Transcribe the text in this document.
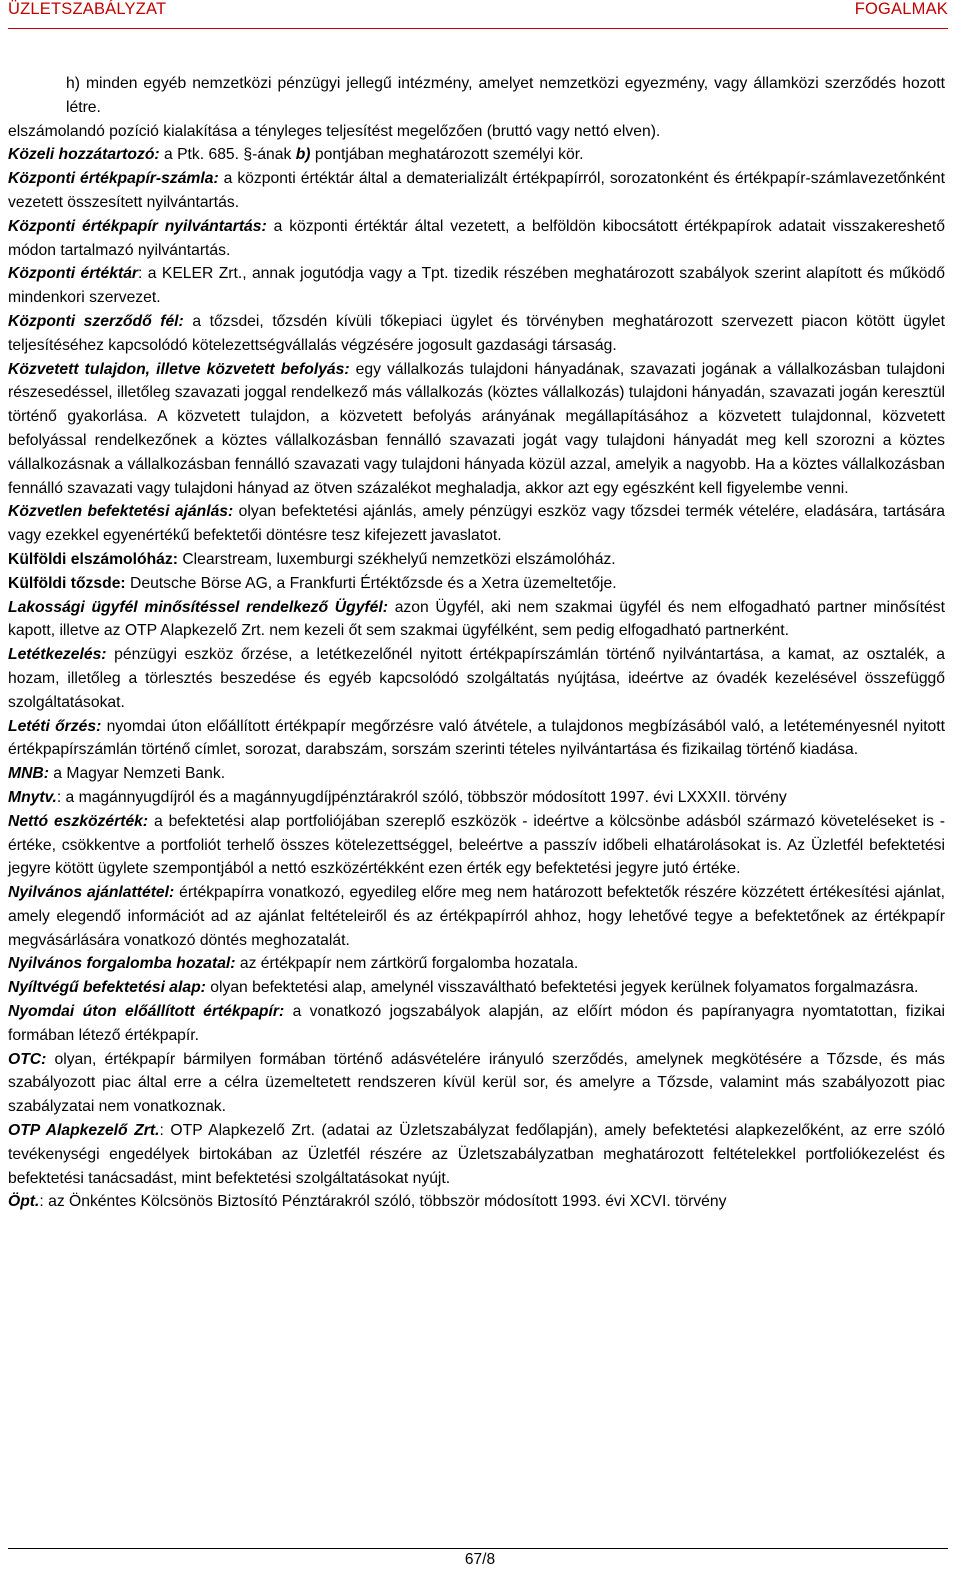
ÜZLETSZABÁLYZAT	FOGALMAK

h) minden egyéb nemzetközi pénzügyi jellegű intézmény, amelyet nemzetközi egyezmény, vagy államközi szerződés hozott létre.

elszámolandó pozíció kialakítása a tényleges teljesítést megelőzően (bruttó vagy nettó elven).

Közeli hozzátartozó: a Ptk. 685. §-ának b) pontjában meghatározott személyi kör.

Központi értékpapír-számla: a központi értéktár által a dematerializált értékpapírról, sorozatonként és értékpapír-számlavezetőnként vezetett összesített nyilvántartás.

Központi értékpapír nyilvántartás: a központi értéktár által vezetett, a belföldön kibocsátott értékpapírok adatait visszakereshető módon tartalmazó nyilvántartás.

Központi értéktár: a KELER Zrt., annak jogutódja vagy a Tpt. tizedik részében meghatározott szabályok szerint alapított és működő mindenkori szervezet.

Központi szerződő fél: a tőzsdei, tőzsdén kívüli tőkepiaci ügylet és törvényben meghatározott szervezett piacon kötött ügylet teljesítéséhez kapcsolódó kötelezettségvállalás végzésére jogosult gazdasági társaság.

Közvetett tulajdon, illetve közvetett befolyás: egy vállalkozás tulajdoni hányadának, szavazati jogának a vállalkozásban tulajdoni részesedéssel, illetőleg szavazati joggal rendelkező más vállalkozás (köztes vállalkozás) tulajdoni hányadán, szavazati jogán keresztül történő gyakorlása. A közvetett tulajdon, a közvetett befolyás arányának megállapításához a közvetett tulajdonnal, közvetett befolyással rendelkezőnek a köztes vállalkozásban fennálló szavazati jogát vagy tulajdoni hányadát meg kell szorozni a köztes vállalkozásnak a vállalkozásban fennálló szavazati vagy tulajdoni hányada közül azzal, amelyik a nagyobb. Ha a köztes vállalkozásban fennálló szavazati vagy tulajdoni hányad az ötven százalékot meghaladja, akkor azt egy egészként kell figyelembe venni.

Közvetlen befektetési ajánlás: olyan befektetési ajánlás, amely pénzügyi eszköz vagy tőzsdei termék vételére, eladására, tartására vagy ezekkel egyenértékű befektetői döntésre tesz kifejezett javaslatot.

Külföldi elszámolóház: Clearstream, luxemburgi székhelyű nemzetközi elszámolóház.

Külföldi tőzsde: Deutsche Börse AG, a Frankfurti Értéktőzsde és a Xetra üzemeltetője.

Lakossági ügyfél minősítéssel rendelkező Ügyfél: azon Ügyfél, aki nem szakmai ügyfél és nem elfogadható partner minősítést kapott, illetve az OTP Alapkezelő Zrt. nem kezeli őt sem szakmai ügyfélként, sem pedig elfogadható partnerként.

Letétkezelés: pénzügyi eszköz őrzése, a letétkezelőnél nyitott értékpapírszámlán történő nyilvántartása, a kamat, az osztalék, a hozam, illetőleg a törlesztés beszedése és egyéb kapcsolódó szolgáltatás nyújtása, ideértve az óvadék kezelésével összefüggő szolgáltatásokat.

Letéti őrzés: nyomdai úton előállított értékpapír megőrzésre való átvétele, a tulajdonos megbízásából való, a letéteményesnél nyitott értékpapírszámlán történő címlet, sorozat, darabszám, sorszám szerinti tételes nyilvántartása és fizikailag történő kiadása.

MNB: a Magyar Nemzeti Bank.

Mnytv.: a magánnyugdíjról és a magánnyugdíjpénztárakról szóló, többször módosított 1997. évi LXXXII. törvény

Nettó eszközérték: a befektetési alap portfoliójában szereplő eszközök - ideértve a kölcsönbe adásból származó követeléseket is - értéke, csökkentve a portfoliót terhelő összes kötelezettséggel, beleértve a passzív időbeli elhatárolásokat is. Az Üzletfél befektetési jegyre kötött ügylete szempontjából a nettó eszközértékként ezen érték egy befektetési jegyre jutó értéke.

Nyilvános ajánlattétel: értékpapírra vonatkozó, egyedileg előre meg nem határozott befektetők részére közzétett értékesítési ajánlat, amely elegendő információt ad az ajánlat feltételeiről és az értékpapírról ahhoz, hogy lehetővé tegye a befektetőnek az értékpapír megvásárlására vonatkozó döntés meghozatalát.

Nyilvános forgalomba hozatal: az értékpapír nem zártkörű forgalomba hozatala.

Nyíltvégű befektetési alap: olyan befektetési alap, amelynél visszaváltható befektetési jegyek kerülnek folyamatos forgalmazásra.

Nyomdai úton előállított értékpapír: a vonatkozó jogszabályok alapján, az előírt módon és papíranyagra nyomtatottan, fizikai formában létező értékpapír.

OTC: olyan, értékpapír bármilyen formában történő adásvételére irányuló szerződés, amelynek megkötésére a Tőzsde, és más szabályozott piac által erre a célra üzemeltetett rendszeren kívül kerül sor, és amelyre a Tőzsde, valamint más szabályozott piac szabályzatai nem vonatkoznak.

OTP Alapkezelő Zrt.: OTP Alapkezelő Zrt. (adatai az Üzletszabályzat fedőlapján), amely befektetési alapkezelőként, az erre szóló tevékenységi engedélyek birtokában az Üzletfél részére az Üzletszabályzatban meghatározott feltételekkel portfoliókezelést és befektetési tanácsadást, mint befektetési szolgáltatásokat nyújt.

Öpt.: az Önkéntes Kölcsönös Biztosító Pénztárakról szóló, többször módosított 1993. évi XCVI. törvény

67/8
